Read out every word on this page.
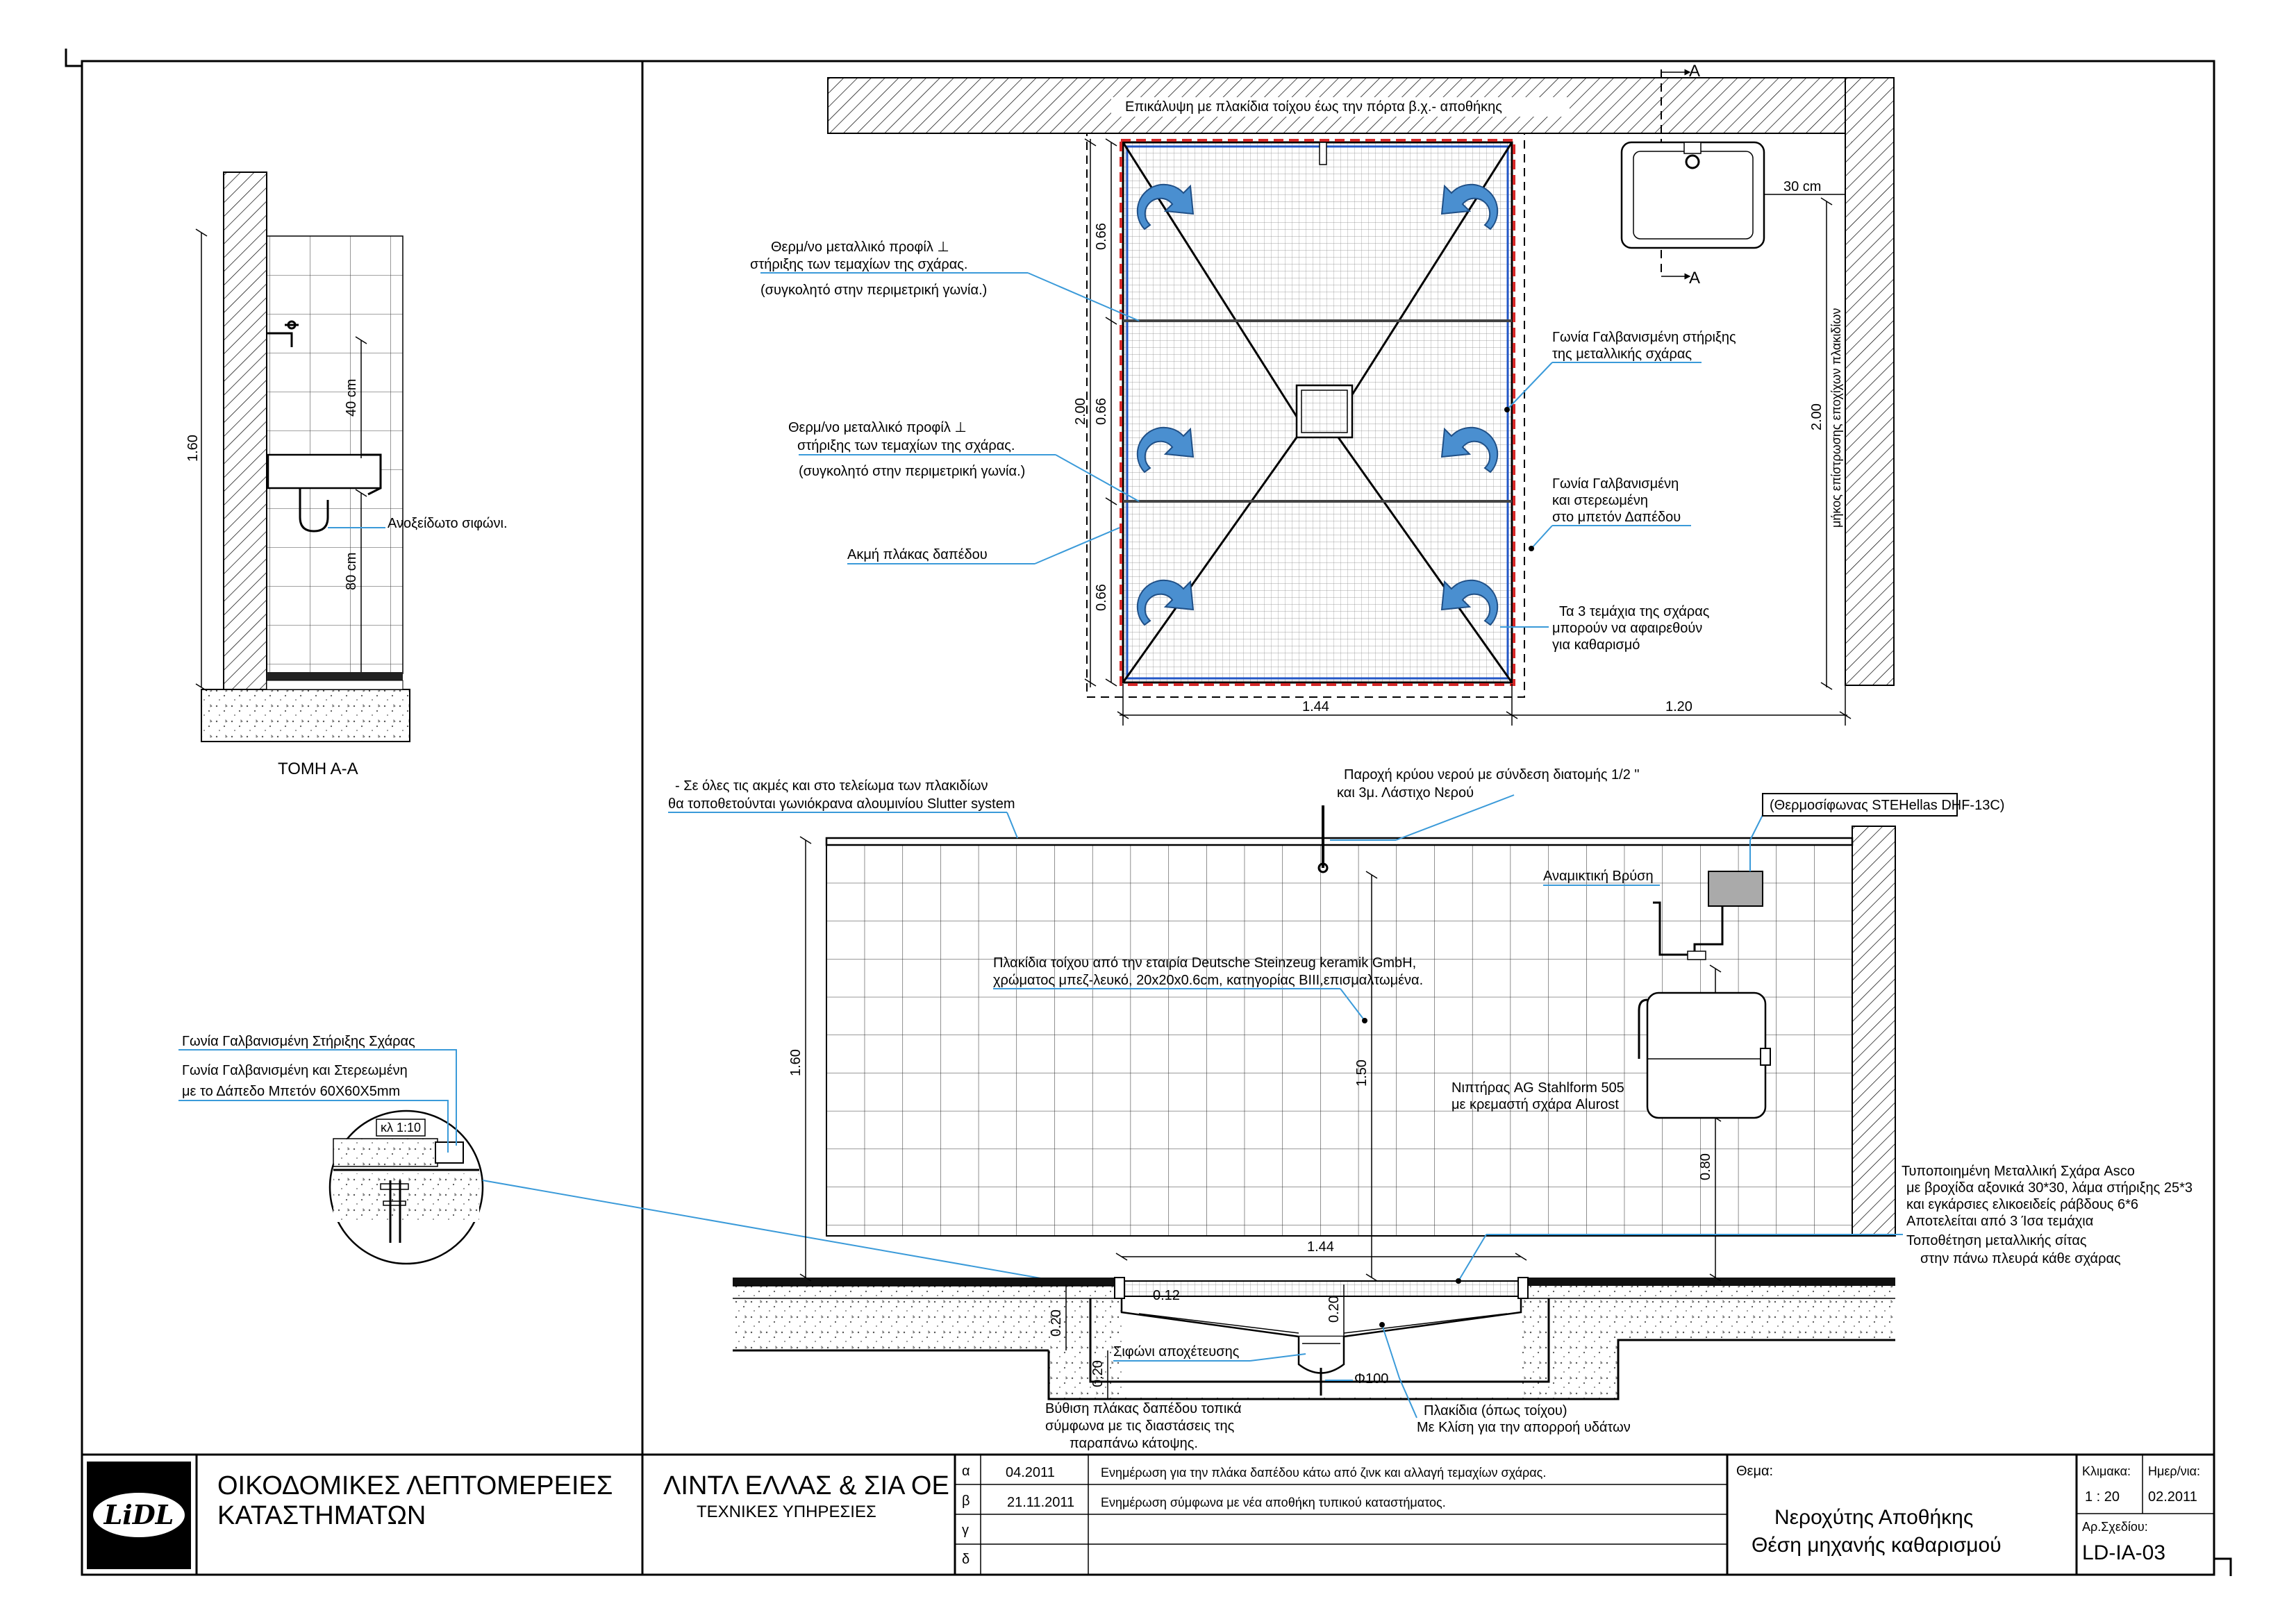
1.60
40 cm
80 cm
Ανοξείδωτο σιφώνι.
ΤΟΜΗ Α-Α
κλ 1:10
Γωνία Γαλβανισμένη Στήριξης Σχάρας
Γωνία Γαλβανισμένη και Στερεωμένη
με το Δάπεδο Μπετόν 60Χ60Χ5mm
Επικάλυψη με πλακίδια τοίχου έως την πόρτα β.χ.- αποθήκης
A
A
30 cm
0.66
0.66
0.66
2.00
1.44	1.20
2.00 μήκος επίστρωσης εποχίχων πλακιδίων
Θερμ/νο μεταλλικό προφίλ ⊥
στήριξης των τεμαχίων της σχάρας.
(συγκολητό στην περιμετρική γωνία.)
Θερμ/νο μεταλλικό προφίλ ⊥
στήριξης των τεμαχίων της σχάρας.
(συγκολητό στην περιμετρική γωνία.)
Ακμή πλάκας δαπέδου
Γωνία Γαλβανισμένη στήριξης
της μεταλλικής σχάρας
Γωνία Γαλβανισμένη
και στερεωμένη
στο μπετόν Δαπέδου
Τα 3 τεμάχια της σχάρας
μπορούν να αφαιρεθούν
για καθαρισμό
1.60	1.50
0.80
1.44
0.12
0.20
0.20
0.20
(Θερμοσίφωνας STEHellas DHF-13C)
Αναμικτική Βρύση
Νιπτήρας AG Stahlform 505
με κρεμαστή σχάρα Alurost
Πλακίδια τοίχου από την εταιρία Deutsche Steinzeug keramik GmbH,
χρώματος μπεζ-λευκό, 20x20x0.6cm, κατηγορίας BIII,επισμαλτωμένα.
- Σε όλες τις ακμές και στο τελείωμα των πλακιδίων
θα τοποθετούνται γωνιόκρανα αλουμινίου Slutter system
Παροχή κρύου νερού με σύνδεση διατομής 1/2 "
και 3μ. Λάστιχο Νερού
Τυποποιημένη Μεταλλική Σχάρα Asco
με βροχίδα αξονικά 30*30, λάμα στήριξης 25*3
και εγκάρσιες ελικοειδείς ράβδους 6*6
Αποτελείται από 3 Ίσα τεμάχια
Τοποθέτηση μεταλλικής σίτας
στην πάνω πλευρά κάθε σχάρας
Σιφώνι αποχέτευσης
Φ100
Βύθιση πλάκας δαπέδου τοπικά
σύμφωνα με τις διαστάσεις της
παραπάνω κάτοψης.
Πλακίδια (όπως τοίχου)
Με Κλίση για την απορροή υδάτων
LiDL
ΟΙΚΟΔΟΜΙΚΕΣ ΛΕΠΤΟΜΕΡΕΙΕΣ
ΚΑΤΑΣΤΗΜΑΤΩΝ
ΛΙΝΤΛ ΕΛΛΑΣ & ΣΙΑ ΟΕ
ΤΕΧΝΙΚΕΣ ΥΠΗΡΕΣΙΕΣ
α	04.2011	Ενημέρωση για την πλάκα δαπέδου κάτω από ζινκ και αλλαγή τεμαχίων σχάρας.
β	21.11.2011 Ενημέρωση σύμφωνα με νέα αποθήκη τυπικού καταστήματος.
γ
δ
Θεμα:
Νεροχύτης Αποθήκης
Θέση μηχανής καθαρισμού
Κλιμακα:
1 : 20
Ημερ/νια:
02.2011
Αρ.Σχεδίου:
LD-IA-03
